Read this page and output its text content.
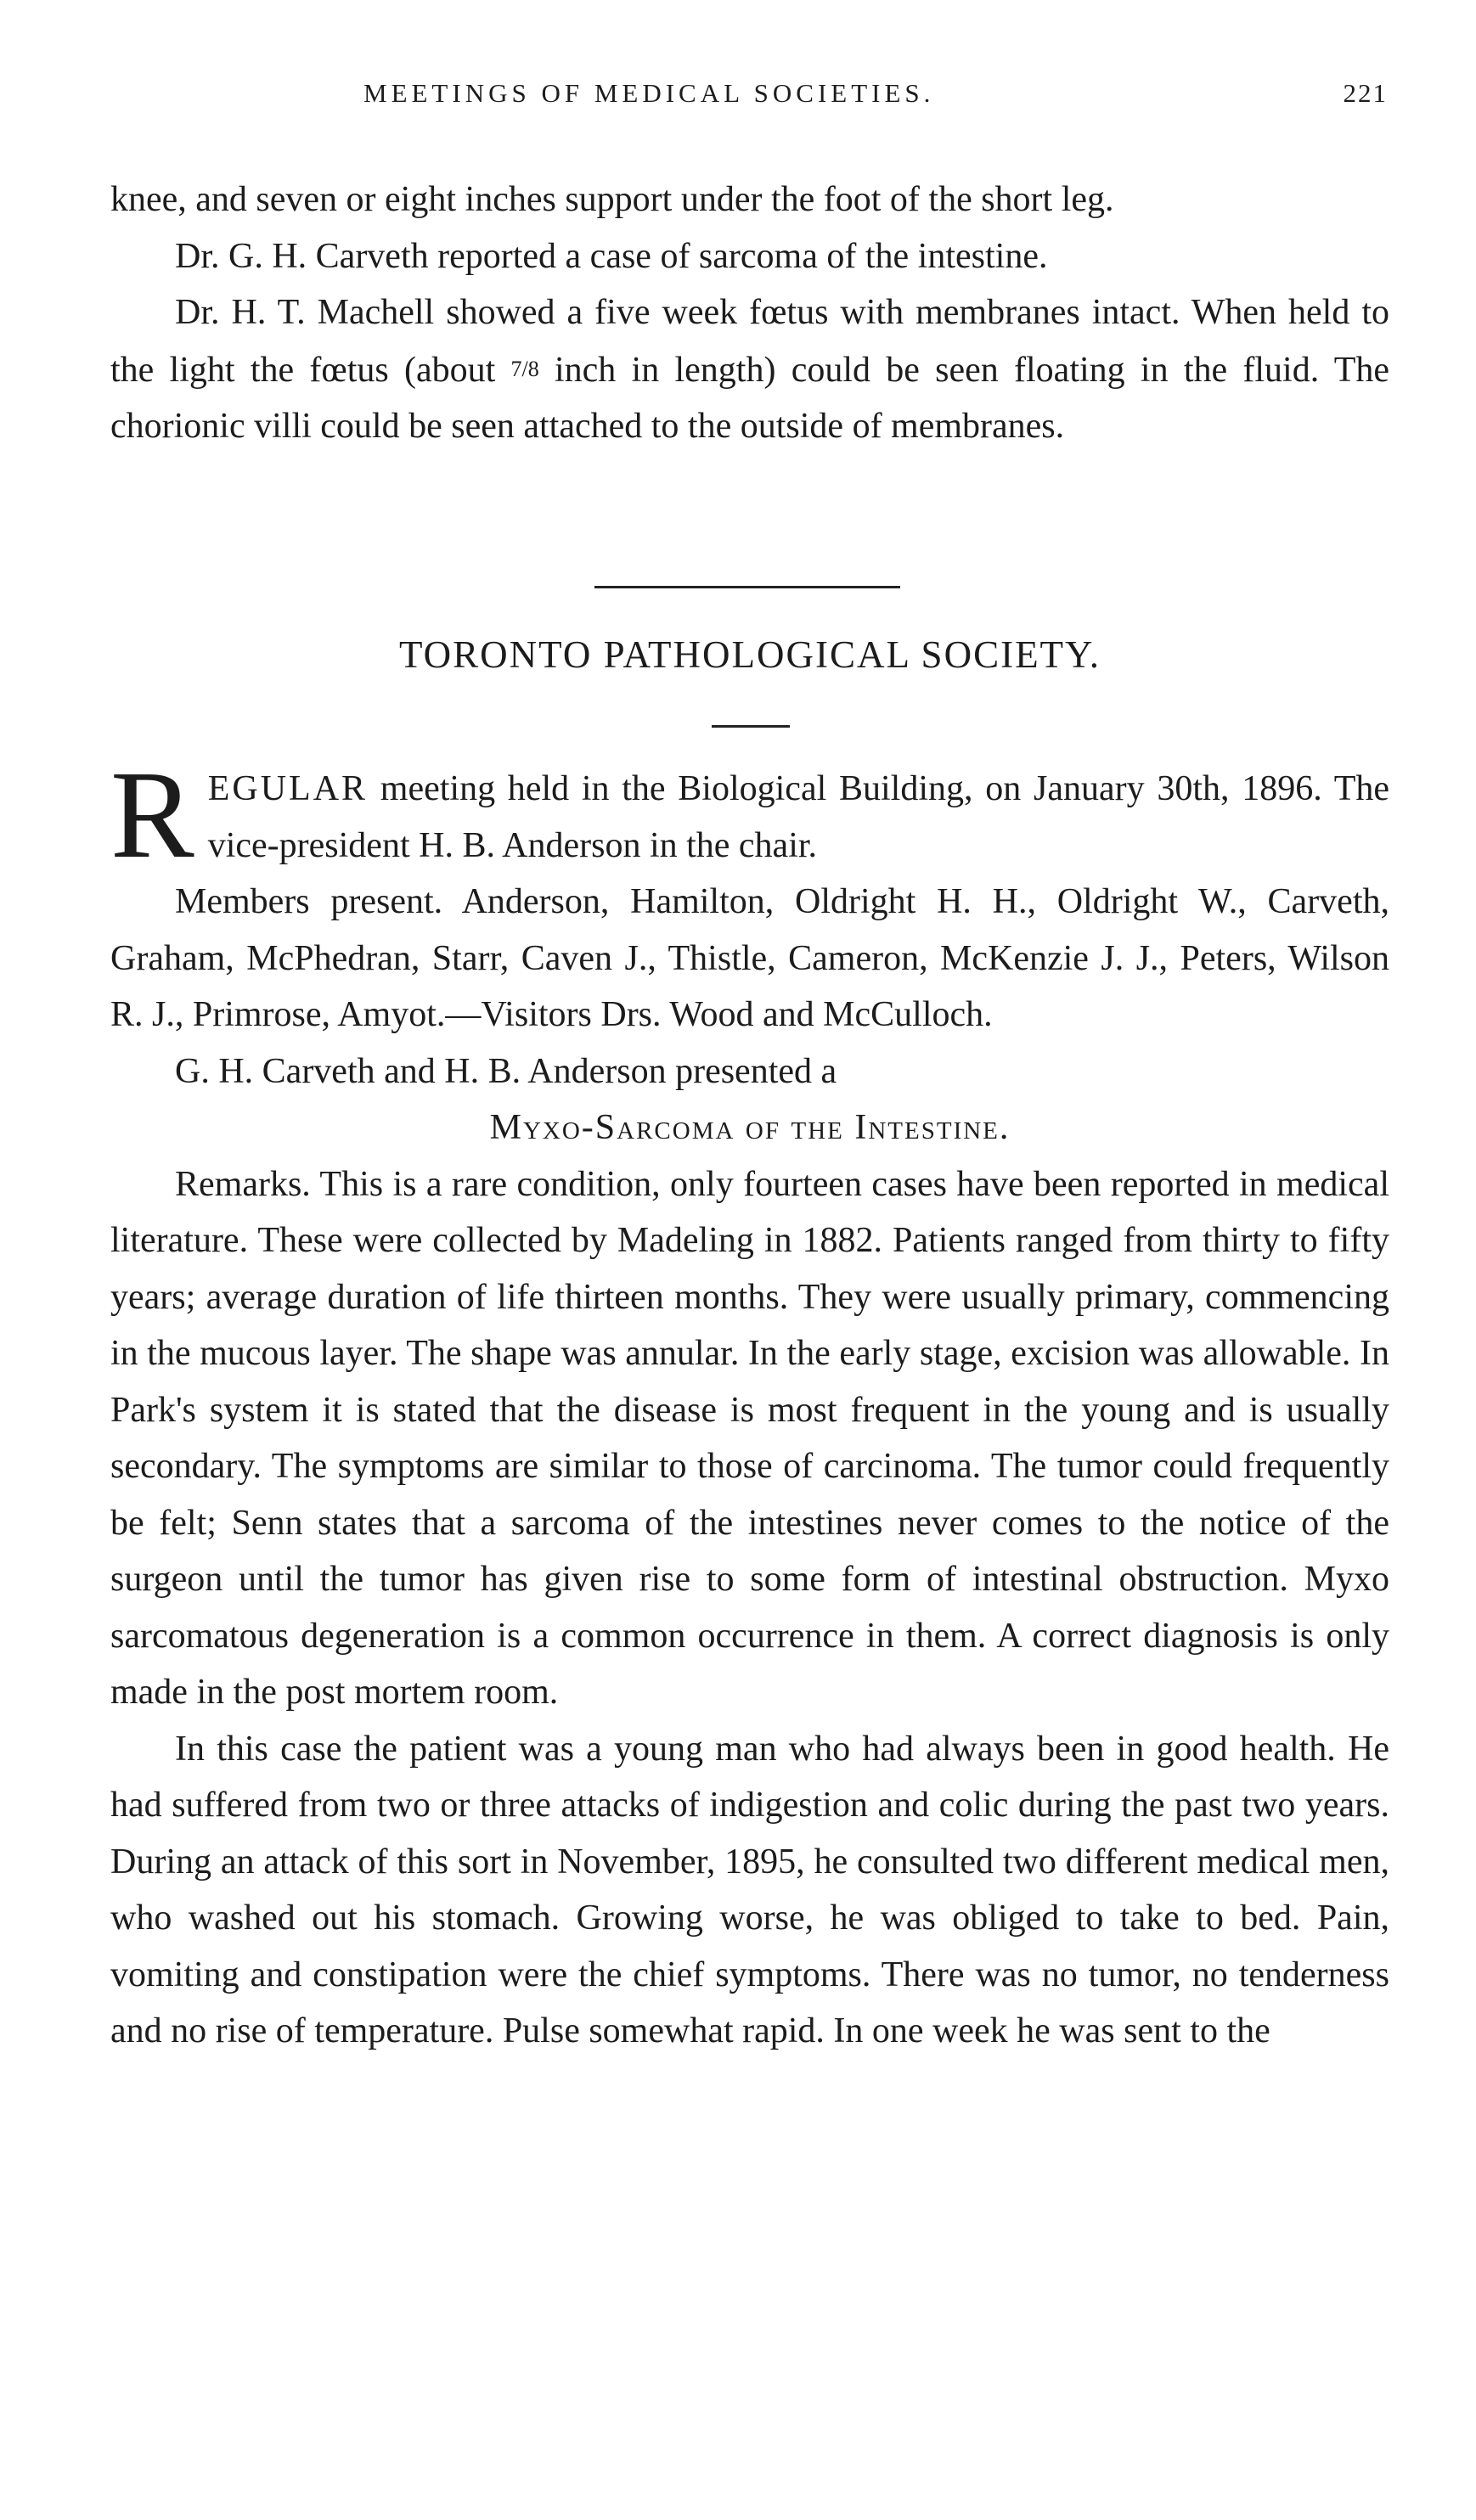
MEETINGS OF MEDICAL SOCIETIES.	221

knee, and seven or eight inches support under the foot of the short leg.

Dr. G. H. Carveth reported a case of sarcoma of the intestine.

Dr. H. T. Machell showed a five week fœtus with membranes intact. When held to the light the fœtus (about 7/8 inch in length) could be seen floating in the fluid. The chorionic villi could be seen attached to the outside of membranes.

TORONTO PATHOLOGICAL SOCIETY.

REGULAR meeting held in the Biological Building, on January 30th, 1896. The vice-president H. B. Anderson in the chair.

Members present. Anderson, Hamilton, Oldright H. H., Oldright W., Carveth, Graham, McPhedran, Starr, Caven J., Thistle, Cameron, McKenzie J. J., Peters, Wilson R. J., Primrose, Amyot.—Visitors Drs. Wood and McCulloch.

G. H. Carveth and H. B. Anderson presented a

Myxo-Sarcoma of the Intestine.

Remarks. This is a rare condition, only fourteen cases have been reported in medical literature. These were collected by Madeling in 1882. Patients ranged from thirty to fifty years; average duration of life thirteen months. They were usually primary, commencing in the mucous layer. The shape was annular. In the early stage, excision was allowable. In Park's system it is stated that the disease is most frequent in the young and is usually secondary. The symptoms are similar to those of carcinoma. The tumor could frequently be felt; Senn states that a sarcoma of the intestines never comes to the notice of the surgeon until the tumor has given rise to some form of intestinal obstruction. Myxo sarcomatous degeneration is a common occurrence in them. A correct diagnosis is only made in the post mortem room.

In this case the patient was a young man who had always been in good health. He had suffered from two or three attacks of indigestion and colic during the past two years. During an attack of this sort in November, 1895, he consulted two different medical men, who washed out his stomach. Growing worse, he was obliged to take to bed. Pain, vomiting and constipation were the chief symptoms. There was no tumor, no tenderness and no rise of temperature. Pulse somewhat rapid. In one week he was sent to the
